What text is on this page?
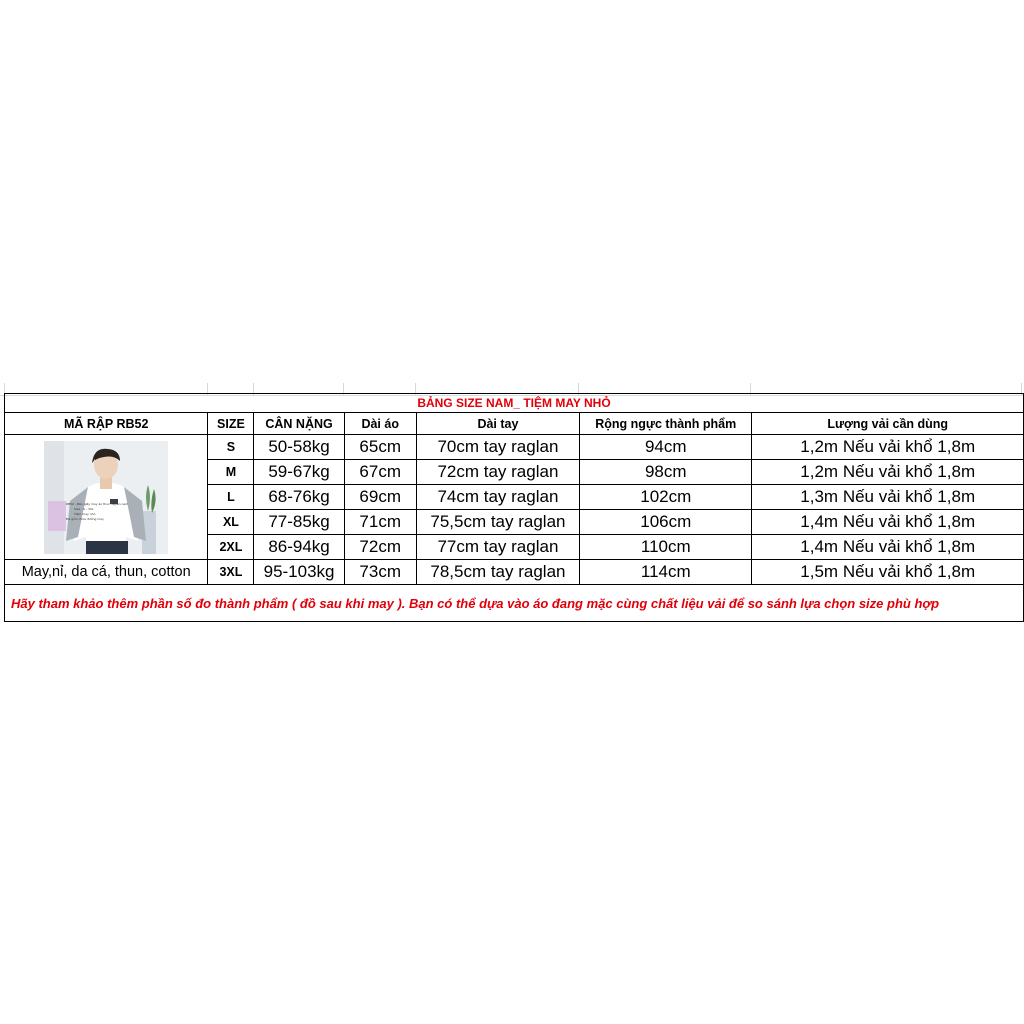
BẢNG SIZE NAM_ TIỆM MAY NHỎ						
MÃ RẬP RB52	SIZE	CÂN NẶNG	Dài áo	Dài tay	Rộng ngực thành phẩm	Lượng vải cần dùng

RB52 - Bản giấy may áo thun raglan nam
Size : S - 3XL
Tiệm may nhỏ
Đã gồm chừa đường may	S	50-58kg	65cm	70cm tay raglan	94cm	1,2m Nếu vải khổ 1,8m
	M	59-67kg	67cm	72cm tay raglan	98cm	1,2m Nếu vải khổ 1,8m
	L	68-76kg	69cm	74cm tay raglan	102cm	1,3m Nếu vải khổ 1,8m
	XL	77-85kg	71cm	75,5cm tay raglan	106cm	1,4m Nếu vải khổ 1,8m
	2XL	86-94kg	72cm	77cm tay raglan	110cm	1,4m Nếu vải khổ 1,8m
May,nỉ, da cá, thun, cotton	3XL	95-103kg	73cm	78,5cm tay raglan	114cm	1,5m Nếu vải khổ 1,8m
Hãy tham khảo thêm phần số đo thành phẩm ( đồ sau khi may ). Bạn có thể dựa vào áo đang mặc cùng chất liệu vải để so sánh lựa chọn size phù hợp						
